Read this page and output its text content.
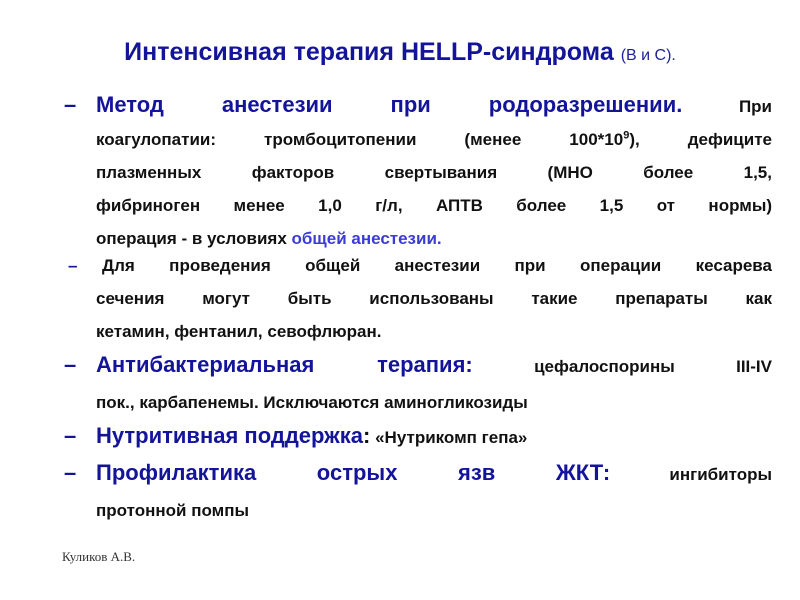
Интенсивная терапия HELLP-синдрома (В и С).
– Метод анестезии при родоразрешении.	При
коагулопатии: тромбоцитопении (менее $100*10^9$), дефиците
плазменных факторов свертывания (МНО более 1,5,
фибриноген менее 1,0 г/л, АПТВ более 1,5 от нормы)
операция - в условиях общей анестезии.
–	Для проведения общей анестезии при операции кесарева
сечения могут быть использованы такие препараты как
кетамин, фентанил, севофлюран.
– Антибактериальная терапия:	цефалоспорины III-IV
пок., карбапенемы. Исключаются аминогликозиды
– Нутритивная поддержка: «Нутрикомп гепа»
– Профилактика острых язв ЖКТ:	ингибиторы
протонной помпы
Куликов А.В.
